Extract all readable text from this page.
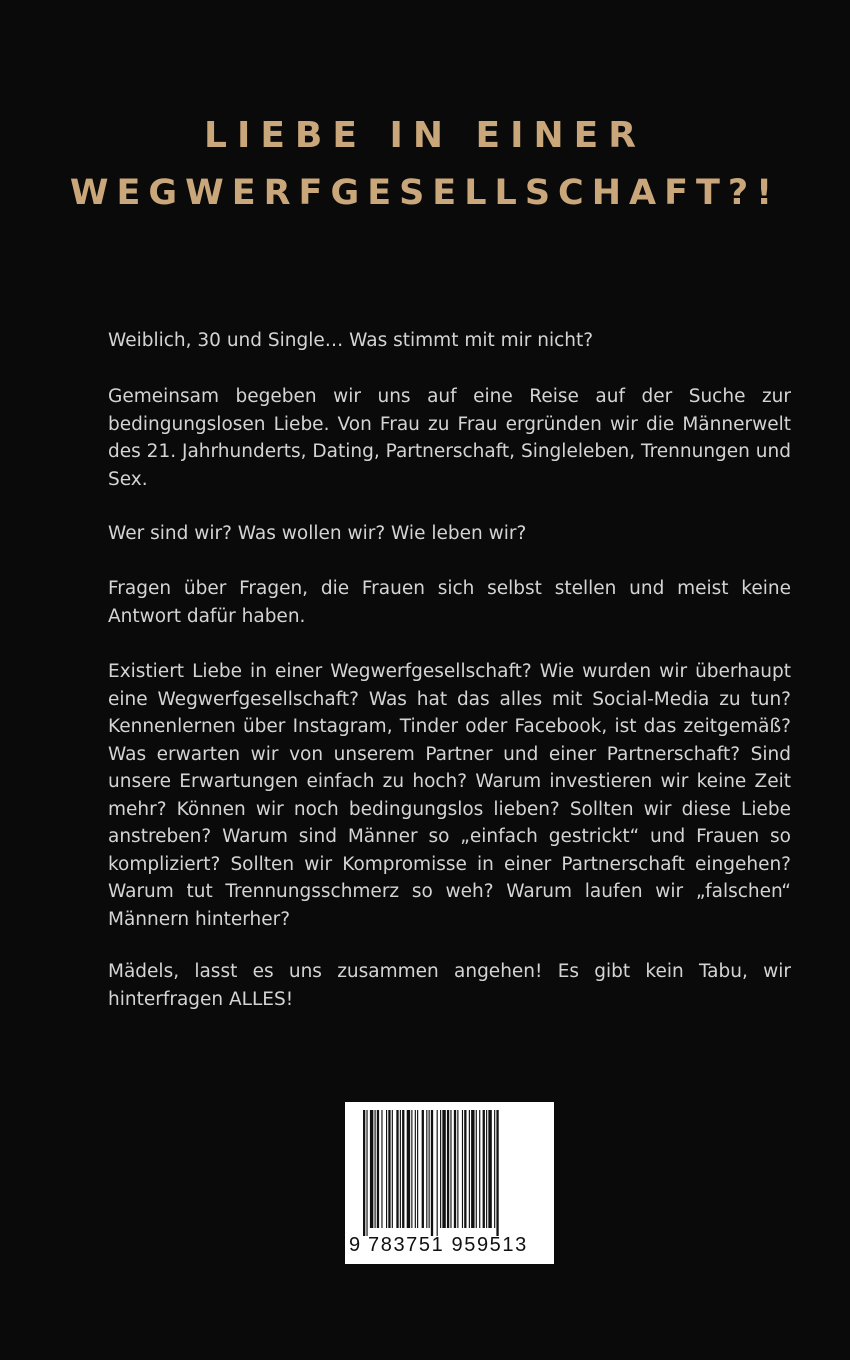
LIEBE IN EINER
WEGWERFGESELLSCHAFT?!

Weiblich, 30 und Single… Was stimmt mit mir nicht?

Gemeinsam begeben wir uns auf eine Reise auf der Suche zur bedingungslosen Liebe. Von Frau zu Frau ergründen wir die Männerwelt des 21. Jahrhunderts, Dating, Partnerschaft, Singleleben, Trennungen und Sex.

Wer sind wir? Was wollen wir? Wie leben wir?

Fragen über Fragen, die Frauen sich selbst stellen und meist keine Antwort dafür haben.

Existiert Liebe in einer Wegwerfgesellschaft? Wie wurden wir überhaupt eine Wegwerfgesellschaft? Was hat das alles mit Social-Media zu tun? Kennenlernen über Instagram, Tinder oder Facebook, ist das zeitgemäß? Was erwarten wir von unserem Partner und einer Partnerschaft? Sind unsere Erwartungen einfach zu hoch? Warum investieren wir keine Zeit mehr? Können wir noch bedingungslos lieben? Sollten wir diese Liebe anstreben? Warum sind Männer so „einfach gestrickt“ und Frauen so kompliziert? Sollten wir Kompromisse in einer Partnerschaft eingehen? Warum tut Trennungsschmerz so weh? Warum laufen wir „falschen“ Männern hinterher?

Mädels, lasst es uns zusammen angehen! Es gibt kein Tabu, wir hinterfragen ALLES!

9 783751 959513
